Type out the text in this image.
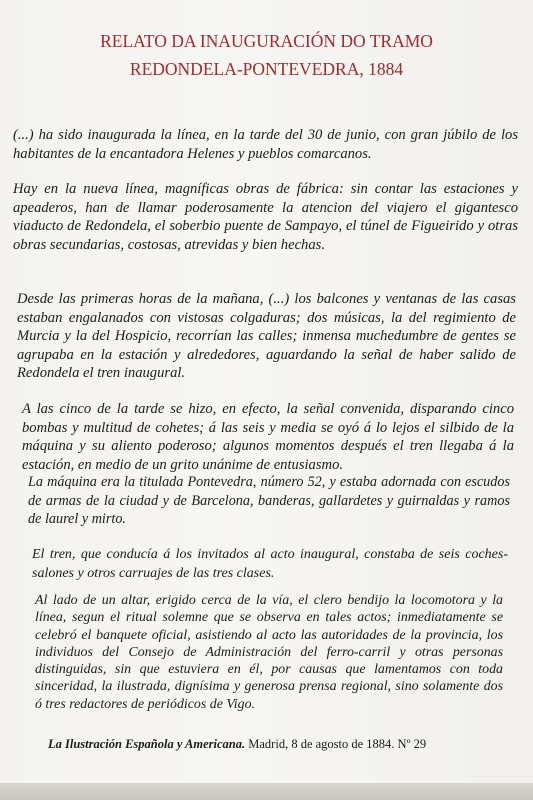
RELATO DA INAUGURACIÓN DO TRAMO
REDONDELA-PONTEVEDRA, 1884

(...) ha sido inaugurada la línea, en la tarde del 30 de junio, con gran júbilo de los habitantes de la encantadora Helenes y pueblos comarcanos.

Hay en la nueva línea, magníficas obras de fábrica: sin contar las estaciones y apeaderos, han de llamar poderosamente la atencion del viajero el gigantesco viaducto de Redondela, el soberbio puente de Sampayo, el túnel de Figueirido y otras obras secundarias, costosas, atrevidas y bien hechas.

Desde las primeras horas de la mañana, (...) los balcones y ventanas de las casas estaban engalanados con vistosas colgaduras; dos músicas, la del regimiento de Murcia y la del Hospicio, recorrían las calles; inmensa muchedumbre de gentes se agrupaba en la estación y alrededores, aguardando la señal de haber salido de Redondela el tren inaugural.

A las cinco de la tarde se hizo, en efecto, la señal convenida, disparando cinco bombas y multitud de cohetes; á las seis y media se oyó á lo lejos el silbido de la máquina y su aliento poderoso; algunos momentos después el tren llegaba á la estación, en medio de un grito unánime de entusiasmo.

La máquina era la titulada Pontevedra, número 52, y estaba adornada con escudos de armas de la ciudad y de Barcelona, banderas, gallardetes y guirnaldas y ramos de laurel y mirto.

El tren, que conducía á los invitados al acto inaugural, constaba de seis coches-salones y otros carruajes de las tres clases.

Al lado de un altar, erigido cerca de la vía, el clero bendijo la locomotora y la línea, segun el ritual solemne que se observa en tales actos; inmediatamente se celebró el banquete oficial, asistiendo al acto las autoridades de la provincia, los individuos del Consejo de Administración del ferro-carril y otras personas distinguidas, sin que estuviera en él, por causas que lamentamos con toda sinceridad, la ilustrada, dignísima y generosa prensa regional, sino solamente dos ó tres redactores de periódicos de Vigo.

La Ilustración Española y Americana. Madrid, 8 de agosto de 1884. Nº 29
